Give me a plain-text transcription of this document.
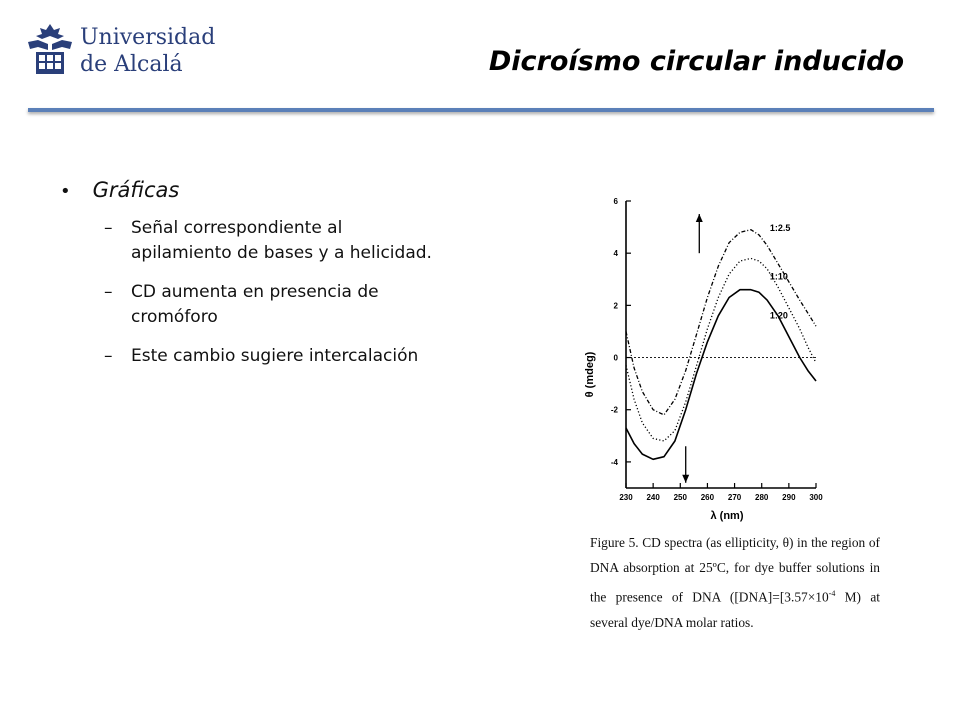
Universidad
de Alcalá	Dicroísmo circular inducido
• Gráficas
–	Señal correspondiente al
apilamiento de bases y a helicidad.
–	CD aumenta en presencia de
cromóforo
–	Este cambio sugiere intercalación
6
4
2
0
-2
-4
230 240 250 260 270 280 290 300
λ (nm)
θ (mdeg)
1:2.5
1:10
1:20
Figure 5. CD spectra (as ellipticity, θ) in the region of DNA absorption at 25ºC, for dye buffer solutions in the presence of DNA ($[DNA]=[3.57\times 10^{-4}$ M) at several dye/DNA molar ratios.
